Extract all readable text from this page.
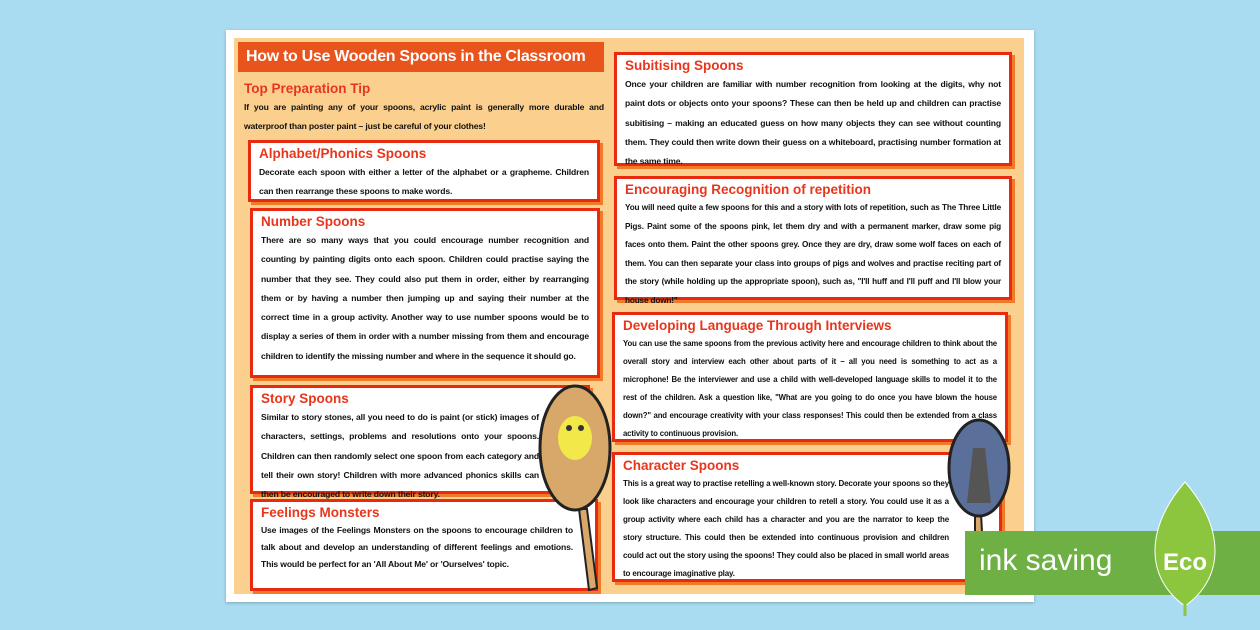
How to Use Wooden Spoons in the Classroom
Top Preparation Tip

If you are painting any of your spoons, acrylic paint is generally more durable and waterproof than poster paint – just be careful of your clothes!

Alphabet/Phonics Spoons

Decorate each spoon with either a letter of the alphabet or a grapheme. Children can then rearrange these spoons to make words.

Number Spoons

There are so many ways that you could encourage number recognition and counting by painting digits onto each spoon. Children could practise saying the number that they see. They could also put them in order, either by rearranging them or by having a number then jumping up and saying their number at the correct time in a group activity. Another way to use number spoons would be to display a series of them in order with a number missing from them and encourage children to identify the missing number and where in the sequence it should go.

Story Spoons

Similar to story stones, all you need to do is paint (or stick) images of characters, settings, problems and resolutions onto your spoons. Children can then randomly select one spoon from each category and tell their own story! Children with more advanced phonics skills can then be encouraged to write down their story.

Feelings Monsters

Use images of the Feelings Monsters on the spoons to encourage children to talk about and develop an understanding of different feelings and emotions. This would be perfect for an 'All About Me' or 'Ourselves' topic.

Subitising Spoons

Once your children are familiar with number recognition from looking at the digits, why not paint dots or objects onto your spoons? These can then be held up and children can practise subitising – making an educated guess on how many objects they can see without counting them. They could then write down their guess on a whiteboard, practising number formation at the same time.

Encouraging Recognition of repetition

You will need quite a few spoons for this and a story with lots of repetition, such as The Three Little Pigs. Paint some of the spoons pink, let them dry and with a permanent marker, draw some pig faces onto them. Paint the other spoons grey. Once they are dry, draw some wolf faces on each of them. You can then separate your class into groups of pigs and wolves and practise reciting part of the story (while holding up the appropriate spoon), such as, "I'll huff and I'll puff and I'll blow your house down!"

Developing Language Through Interviews

You can use the same spoons from the previous activity here and encourage children to think about the overall story and interview each other about parts of it – all you need is something to act as a microphone! Be the interviewer and use a child with well-developed language skills to model it to the rest of the children. Ask a question like, "What are you going to do once you have blown the house down?" and encourage creativity with your class responses! This could then be extended from a class activity to continuous provision.

Character Spoons

This is a great way to practise retelling a well-known story. Decorate your spoons so they look like characters and encourage your children to retell a story. You could use it as a group activity where each child has a character and you are the narrator to keep the story structure. This could then be extended into continuous provision and children could act out the story using the spoons! They could also be placed in small world areas to encourage imaginative play.	ink saving Eco
